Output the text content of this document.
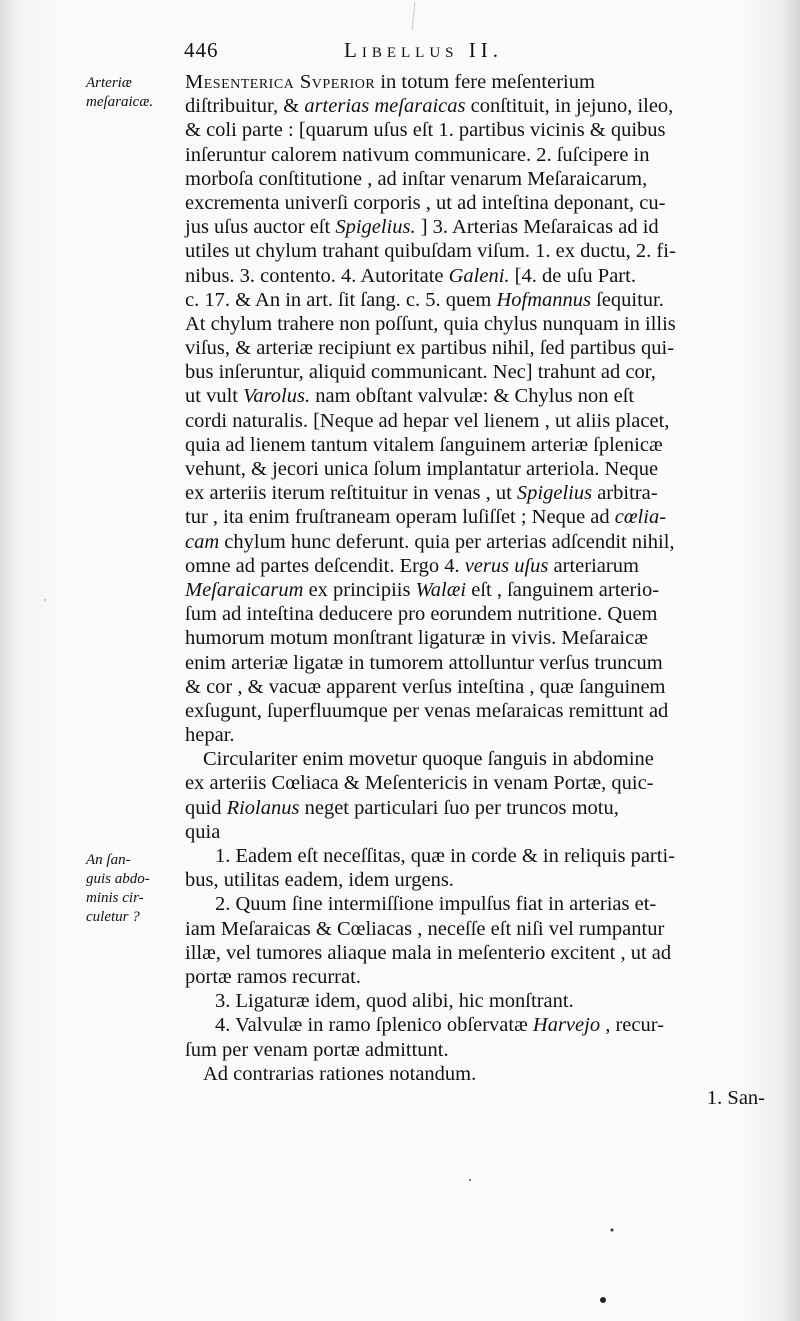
446	Libellus II.
Arteriæ
meſaraicæ.
An ſan-
guis abdo-
minis cir-
culetur ?
Mesenterica Svperior in totum fere meſenterium
diſtribuitur, & arterias meſaraicas conſtituit, in jejuno, ileo,
& coli parte : [quarum uſus eſt 1. partibus vicinis & quibus
inſeruntur calorem nativum communicare. 2. ſuſcipere in
morboſa conſtitutione , ad inſtar venarum Meſaraicarum,
excrementa univerſi corporis , ut ad inteſtina deponant, cu-
jus uſus auctor eſt Spigelius. ] 3. Arterias Meſaraicas ad id
utiles ut chylum trahant quibuſdam viſum. 1. ex ductu, 2. fi-
nibus. 3. contento. 4. Autoritate Galeni. [4. de uſu Part.
c. 17. & An in art. ſit ſang. c. 5. quem Hofmannus ſequitur.
At chylum trahere non poſſunt, quia chylus nunquam in illis
viſus, & arteriæ recipiunt ex partibus nihil, ſed partibus qui-
bus inſeruntur, aliquid communicant. Nec] trahunt ad cor,
ut vult Varolus. nam obſtant valvulæ: & Chylus non eſt
cordi naturalis. [Neque ad hepar vel lienem , ut aliis placet,
quia ad lienem tantum vitalem ſanguinem arteriæ ſplenicæ
vehunt, & jecori unica ſolum implantatur arteriola. Neque
ex arteriis iterum reſtituitur in venas , ut Spigelius arbitra-
tur , ita enim fruſtraneam operam luſiſſet ; Neque ad cœlia-
cam chylum hunc deferunt. quia per arterias adſcendit nihil,
omne ad partes deſcendit. Ergo 4. verus uſus arteriarum
Meſaraicarum ex principiis Walæi eſt , ſanguinem arterio-
ſum ad inteſtina deducere pro eorundem nutritione. Quem
humorum motum monſtrant ligaturæ in vivis. Meſaraicæ
enim arteriæ ligatæ in tumorem attolluntur verſus truncum
& cor , & vacuæ apparent verſus inteſtina , quæ ſanguinem
exſugunt, ſuperfluumque per venas meſaraicas remittunt ad
hepar.
Circulariter enim movetur quoque ſanguis in abdomine
ex arteriis Cœliaca & Meſentericis in venam Portæ, quic-
quid Riolanus neget particulari ſuo per truncos motu,
quia
1. Eadem eſt neceſſitas, quæ in corde & in reliquis parti-
bus, utilitas eadem, idem urgens.
2. Quum ſine intermiſſione impulſus fiat in arterias et-
iam Meſaraicas & Cœliacas , neceſſe eſt niſi vel rumpantur
illæ, vel tumores aliaque mala in meſenterio excitent , ut ad
portæ ramos recurrat.
3. Ligaturæ idem, quod alibi, hic monſtrant.
4. Valvulæ in ramo ſplenico obſervatæ Harvejo , recur-
ſum per venam portæ admittunt.
Ad contrarias rationes notandum.
1. San-
